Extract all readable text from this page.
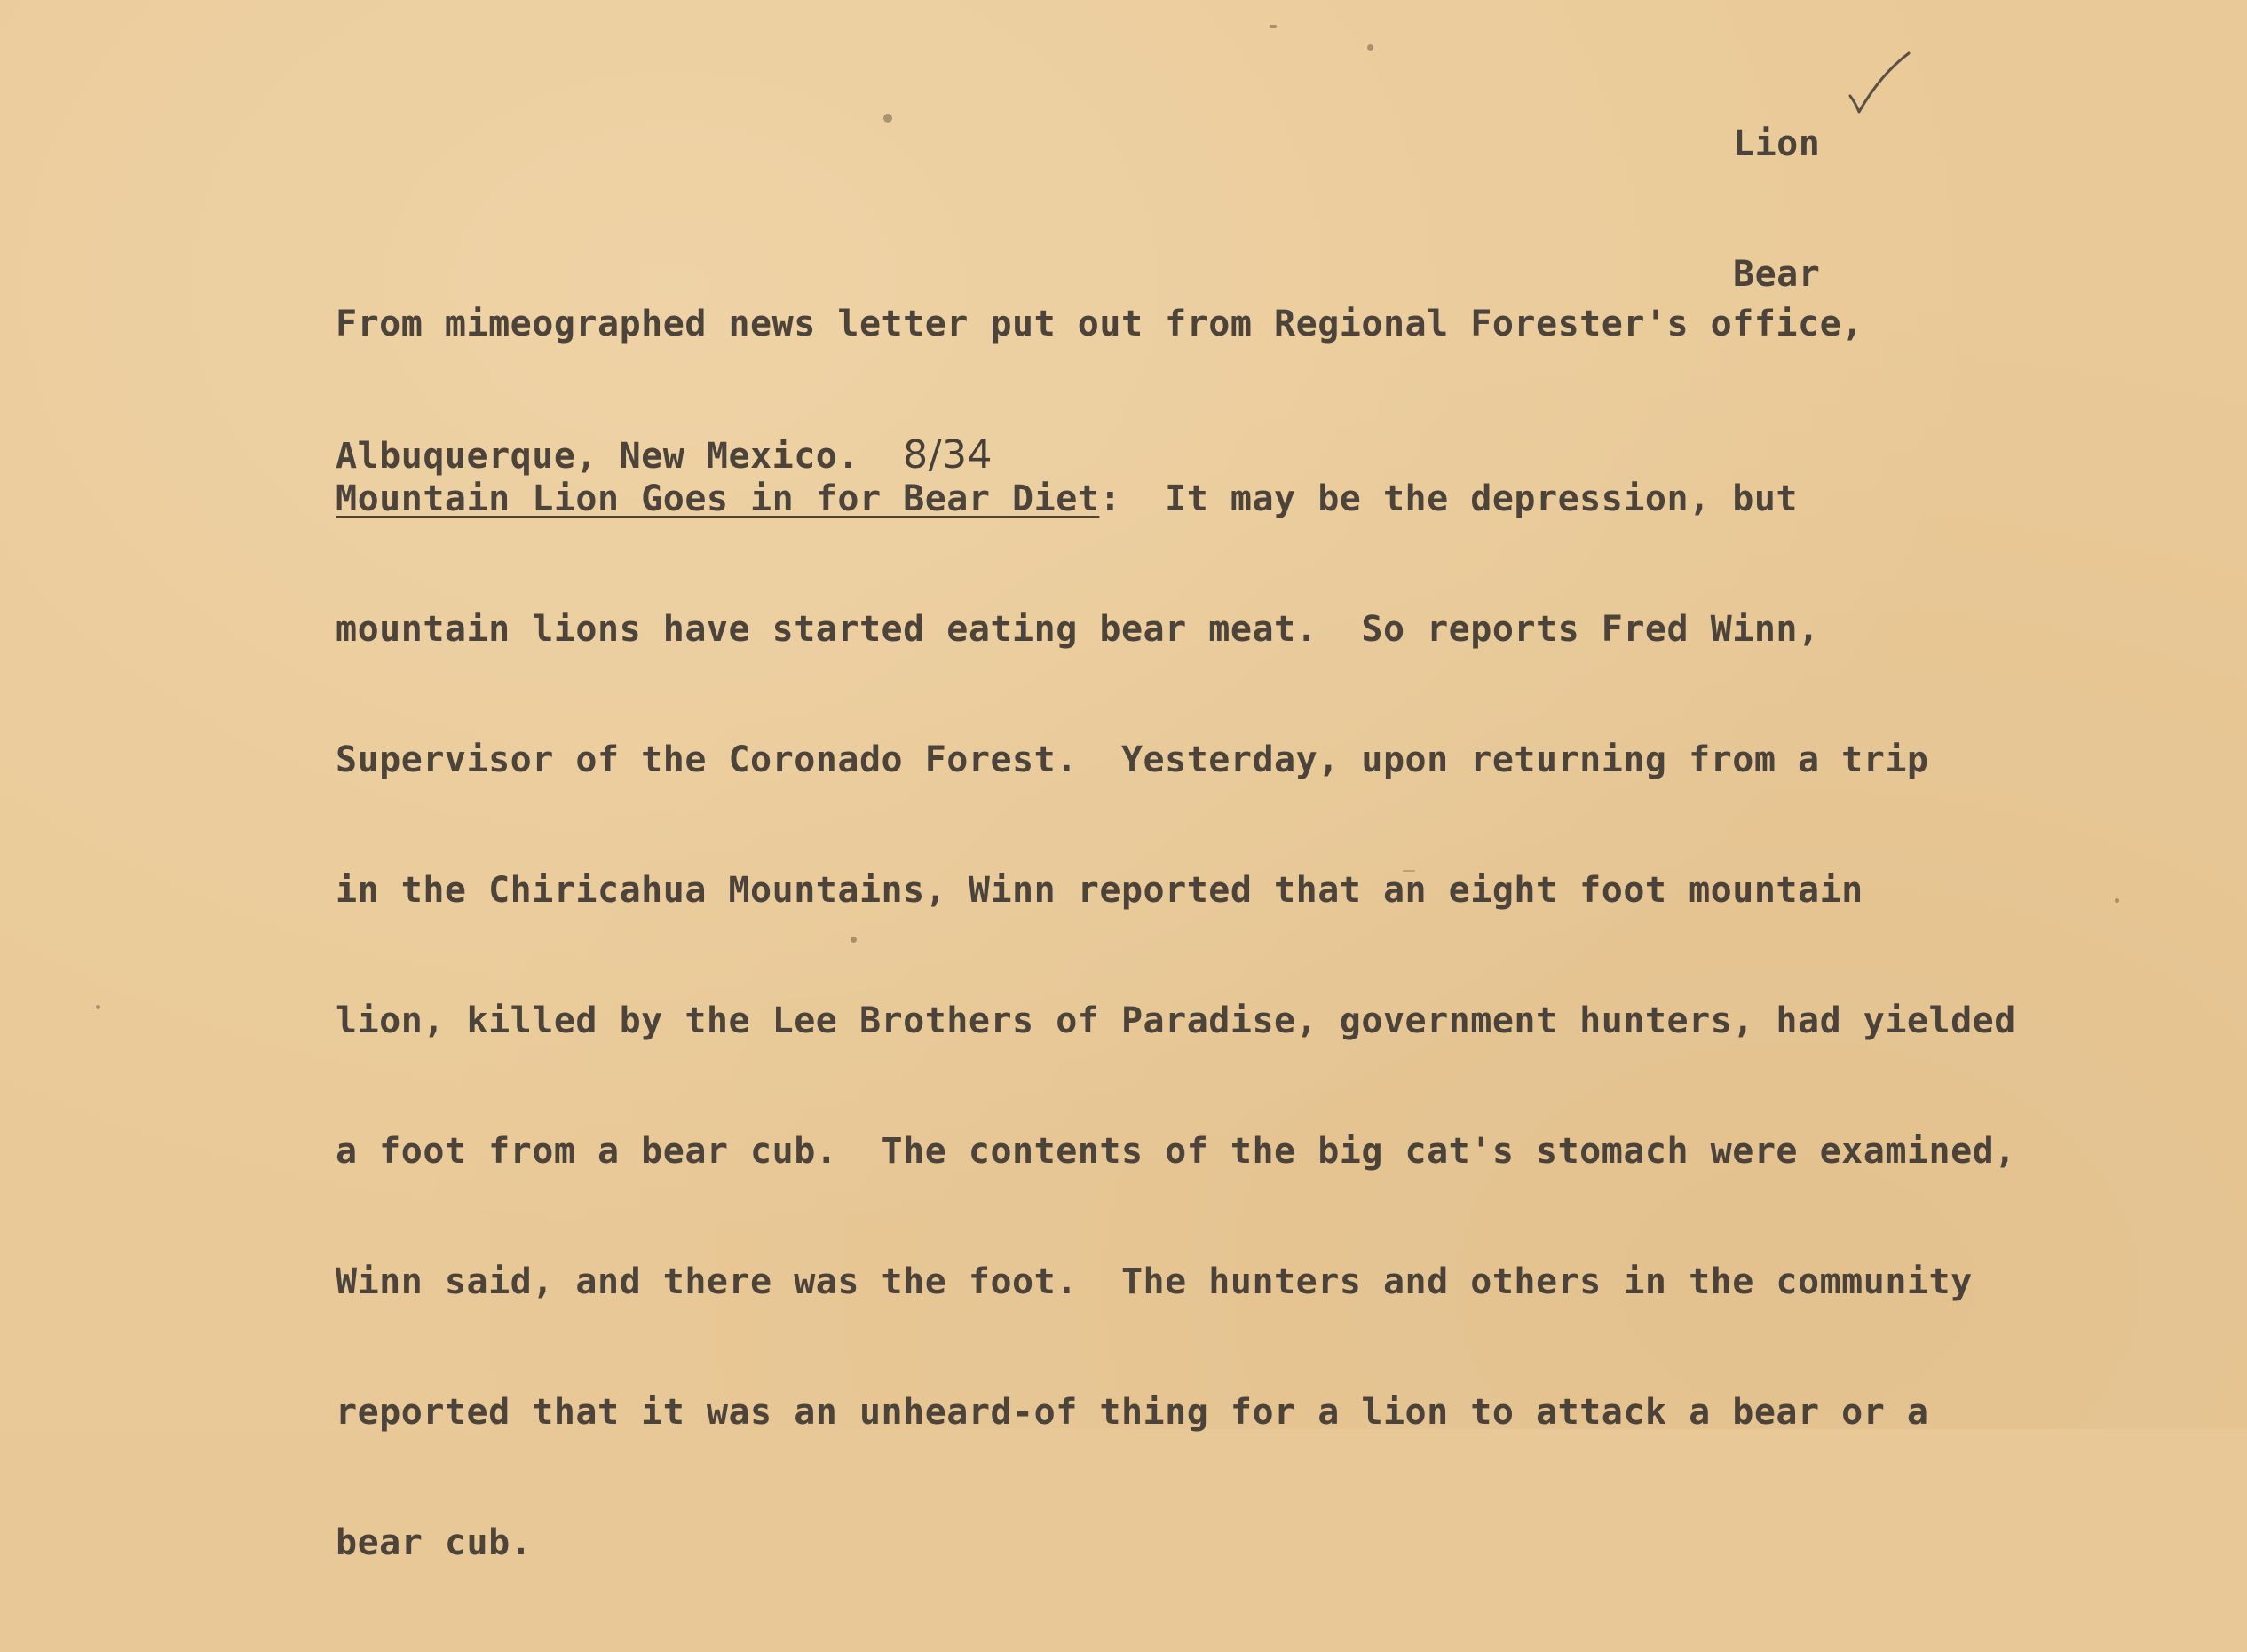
Lion

Bear

From mimeographed news letter put out from Regional Forester's office,

Albuquerque, New Mexico. 8/34

Mountain Lion Goes in for Bear Diet:  It may be the depression, but

mountain lions have started eating bear meat.  So reports Fred Winn,

Supervisor of the Coronado Forest.  Yesterday, upon returning from a trip

in the Chiricahua Mountains, Winn reported that an eight foot mountain

lion, killed by the Lee Brothers of Paradise, government hunters, had yielded

a foot from a bear cub.  The contents of the big cat's stomach were examined,

Winn said, and there was the foot.  The hunters and others in the community

reported that it was an unheard-of thing for a lion to attack a bear or a

bear cub.
